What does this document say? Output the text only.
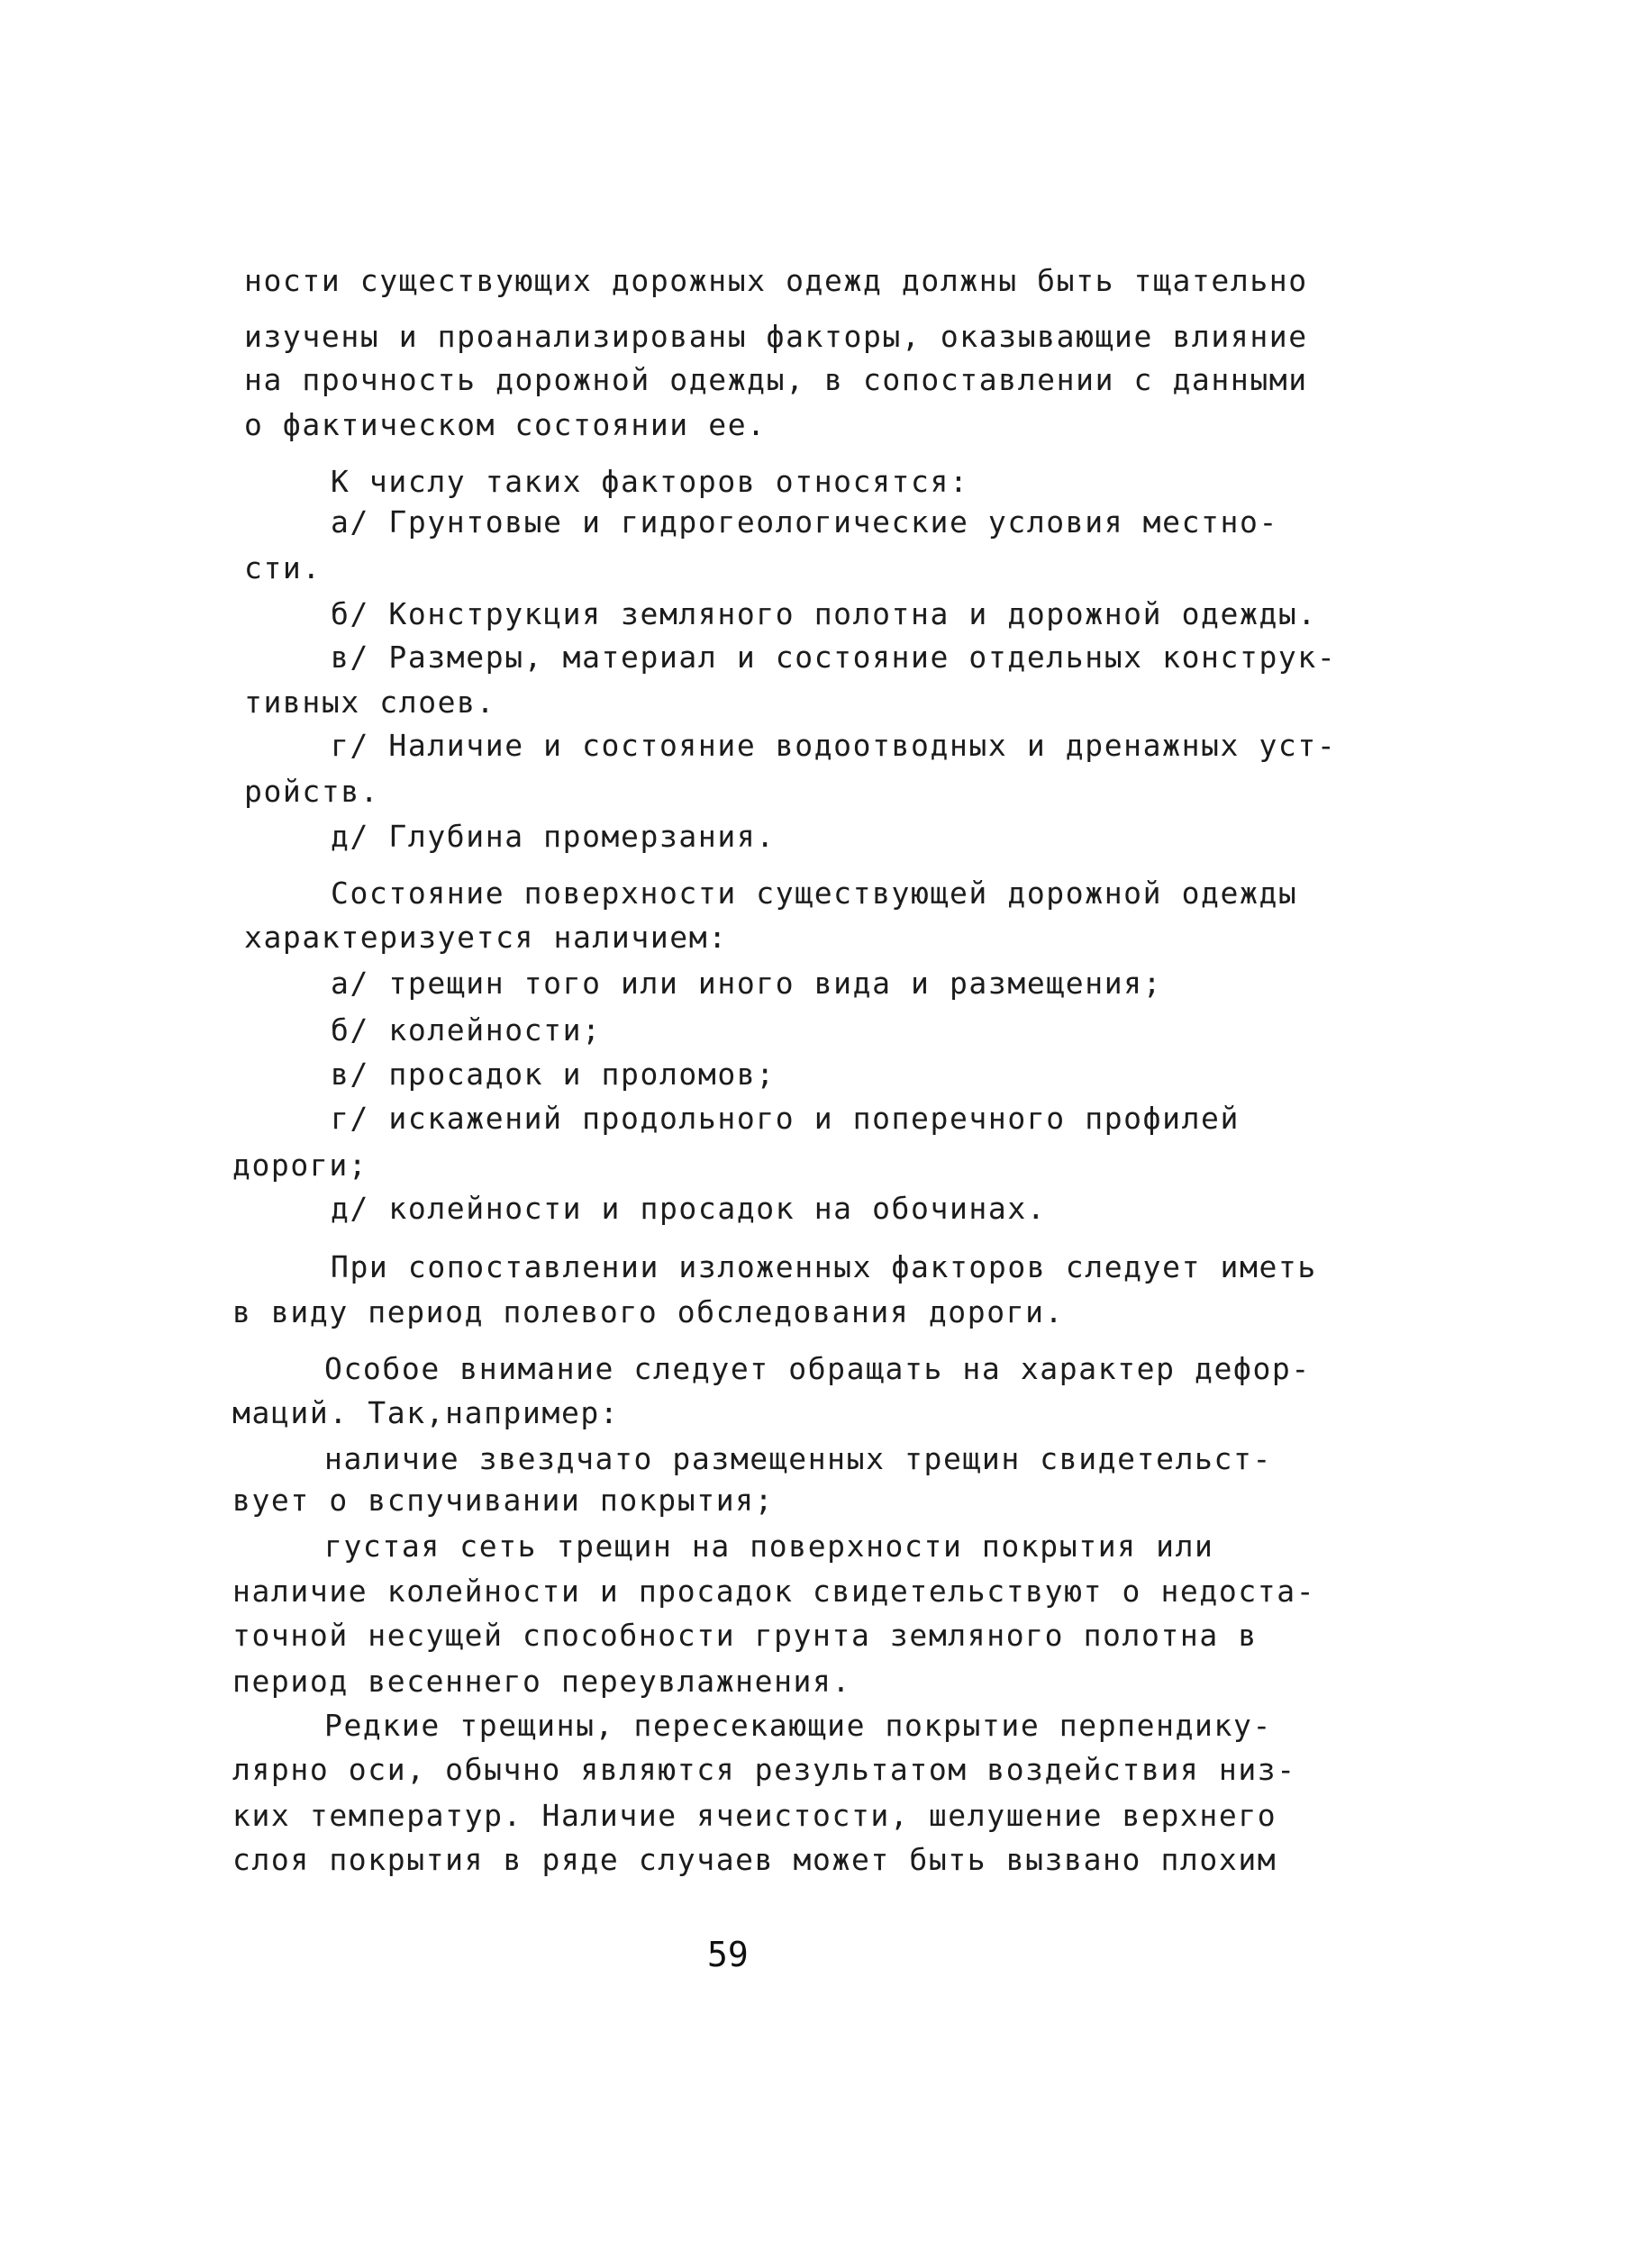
ности существующих дорожных одежд должны быть тщательно

изучены и проанализированы факторы, оказывающие влияние

на прочность дорожной одежды, в сопоставлении с данными

о фактическом состоянии ее.

К числу таких факторов относятся:

а/ Грунтовые и гидрогеологические условия местно-

сти.

б/ Конструкция земляного полотна и дорожной одежды.

в/ Размеры, материал и состояние отдельных конструк-

тивных слоев.

г/ Наличие и состояние водоотводных и дренажных уст-

ройств.

д/ Глубина промерзания.

Состояние поверхности существующей дорожной одежды

характеризуется наличием:

а/ трещин того или иного вида и размещения;

б/ колейности;

в/ просадок и проломов;

г/ искажений продольного и поперечного профилей

дороги;

д/ колейности и просадок на обочинах.

При сопоставлении изложенных факторов следует иметь

в виду период полевого обследования дороги.

Особое внимание следует обращать на характер дефор-

маций. Так,например:

наличие звездчато размещенных трещин свидетельст-

вует о вспучивании покрытия;

густая сеть трещин на поверхности покрытия или

наличие колейности и просадок свидетельствуют о недоста-

точной несущей способности грунта земляного полотна в

период весеннего переувлажнения.

Редкие трещины, пересекающие покрытие перпендику-

лярно оси, обычно являются результатом воздействия низ-

ких температур. Наличие ячеистости, шелушение верхнего

слоя покрытия в ряде случаев может быть вызвано плохим

59
